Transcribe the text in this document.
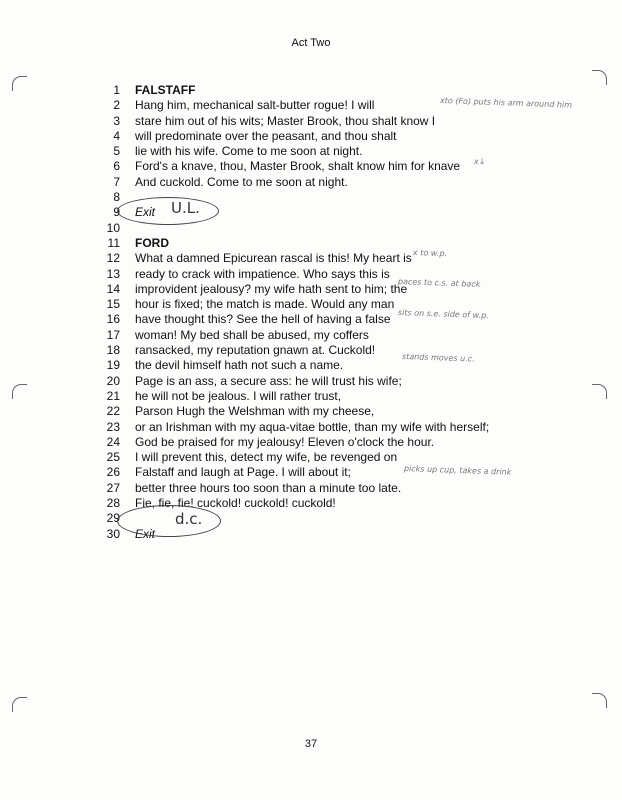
Act Two
1 FALSTAFF
2 Hang him, mechanical salt-butter rogue! I will
3 stare him out of his wits; Master Brook, thou shalt know I
4 will predominate over the peasant, and thou shalt
5 lie with his wife. Come to me soon at night.
6 Ford's a knave, thou, Master Brook, shalt know him for knave
7 And cuckold. Come to me soon at night.
8
9 Exit
10
11 FORD
12 What a damned Epicurean rascal is this! My heart is
13 ready to crack with impatience. Who says this is
14 improvident jealousy? my wife hath sent to him; the
15 hour is fixed; the match is made. Would any man
16 have thought this? See the hell of having a false
17 woman! My bed shall be abused, my coffers
18 ransacked, my reputation gnawn at. Cuckold!
19 the devil himself hath not such a name.
20 Page is an ass, a secure ass: he will trust his wife;
21 he will not be jealous. I will rather trust,
22 Parson Hugh the Welshman with my cheese,
23 or an Irishman with my aqua-vitae bottle, than my wife with herself;
24 God be praised for my jealousy! Eleven o'clock the hour.
25 I will prevent this, detect my wife, be revenged on
26 Falstaff and laugh at Page. I will about it;
27 better three hours too soon than a minute too late.
28 Fie, fie, fie! cuckold! cuckold! cuckold!
29
30 Exit
xto (Fo) puts his arm around him
x↓
U.L.
x to w.p.
paces to c.s. at back
sits on s.e. side of w.p.
stands moves u.c.
picks up cup, takes a drink
d.c.
37
